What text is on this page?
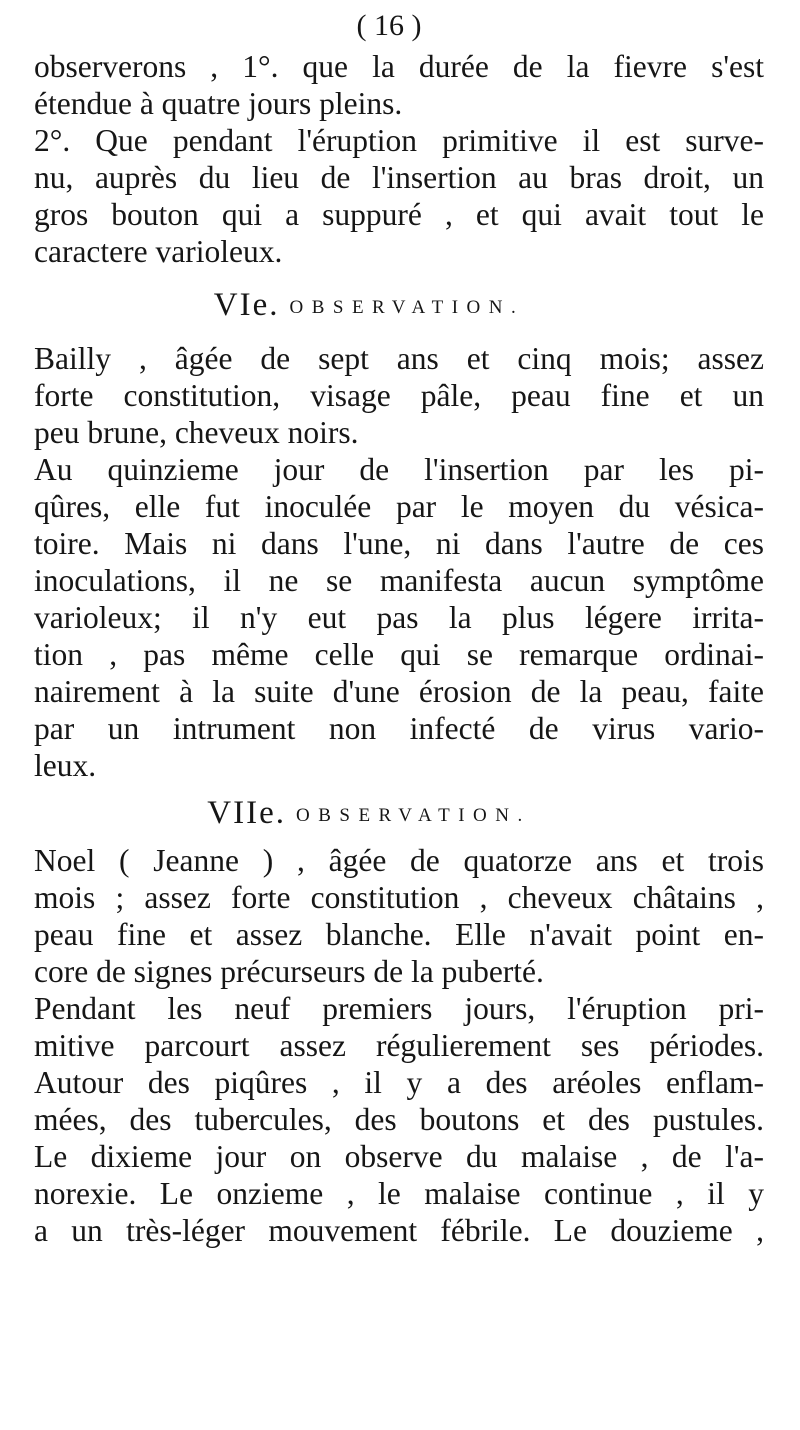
( 16 )
observerons , 1°. que la durée de la fievre s'est
étendue à quatre jours pleins.
2°. Que pendant l'éruption primitive il est surve-
nu, auprès du lieu de l'insertion au bras droit, un
gros bouton qui a suppuré , et qui avait tout le
caractere varioleux.
VIe. OBSERVATION.
Bailly , âgée de sept ans et cinq mois; assez
forte constitution, visage pâle, peau fine et un
peu brune, cheveux noirs.
Au quinzieme jour de l'insertion par les pi-
qûres, elle fut inoculée par le moyen du vésica-
toire. Mais ni dans l'une, ni dans l'autre de ces
inoculations, il ne se manifesta aucun symptôme
varioleux; il n'y eut pas la plus légere irrita-
tion , pas même celle qui se remarque ordinai-
nairement à la suite d'une érosion de la peau, faite
par un intrument non infecté de virus vario-
leux.
VIIe. OBSERVATION.
Noel ( Jeanne ) , âgée de quatorze ans et trois
mois ; assez forte constitution , cheveux châtains ,
peau fine et assez blanche. Elle n'avait point en-
core de signes précurseurs de la puberté.
Pendant les neuf premiers jours, l'éruption pri-
mitive parcourt assez régulierement ses périodes.
Autour des piqûres , il y a des aréoles enflam-
mées, des tubercules, des boutons et des pustules.
Le dixieme jour on observe du malaise , de l'a-
norexie. Le onzieme , le malaise continue , il y
a un très-léger mouvement fébrile. Le douzieme ,
